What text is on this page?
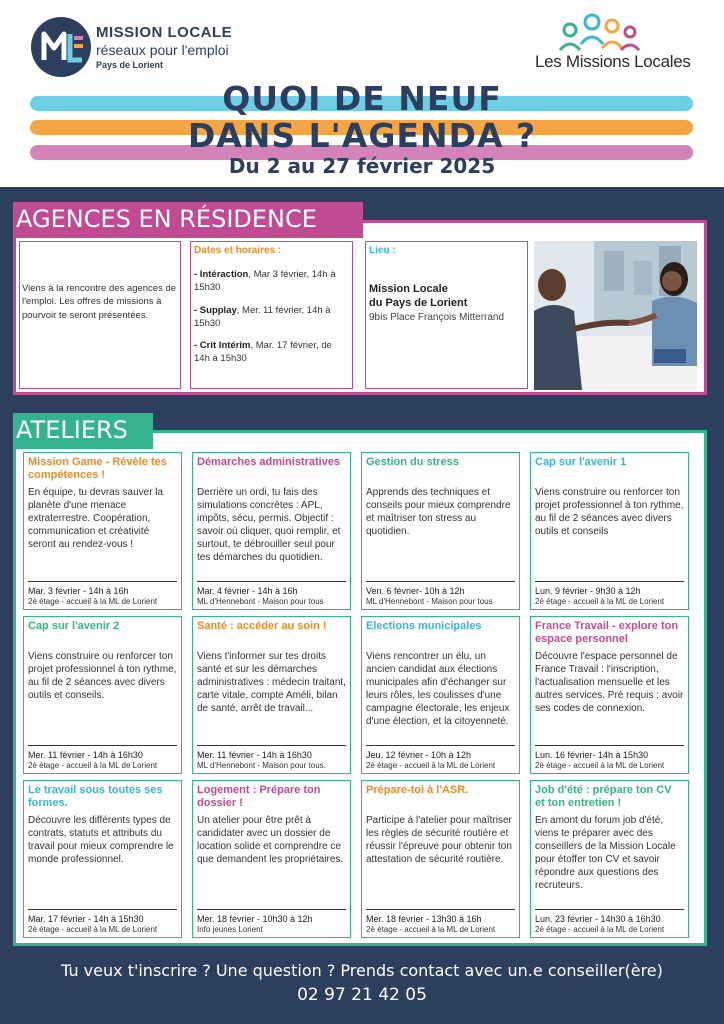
MISSION LOCALE
réseaux pour l'emploi
Pays de Lorient	Les Missions Locales
QUOI DE NEUF
DANS L'AGENDA ?
Du 2 au 27 février 2025
Viens à la rencontre des agences de l'emploi. Les offres de missions à pourvoir te seront présentées.
Dates et horaires :

- Intéraction, Mar 3 février, 14h à 15h30

- Supplay, Mer. 11 février, 14h à 15h30

- Crit Intérim, Mar. 17 février, de 14h à 15h30

Lieu :
Mission Locale
du Pays de Lorient
9bis Place François Mitterrand
AGENCES EN RÉSIDENCE
Mission Game - Révèle tes compétences !
En équipe, tu devras sauver la planète d'une menace extraterrestre. Coopération, communication et créativité seront au rendez-vous !
Mar. 3 février - 14h à 16h
2è étage - accueil à la ML de Lorient
Démarches administratives
Derrière un ordi, tu fais des simulations concrètes : APL, impôts, sécu, permis. Objectif : savoir où cliquer, quoi remplir, et surtout, te débrouiller seul pour tes démarches du quotidien.
Mar. 4 février - 14h à 16h
ML d'Hennebont - Maison pour tous
Gestion du stress
Apprends des techniques et conseils pour mieux comprendre et maîtriser ton stress au quotidien.
Ven. 6 février- 10h à 12h
ML d'Hennebont - Maison pour tous
Cap sur l'avenir 1
Viens construire ou renforcer ton projet professionnel à ton rythme, au fil de 2 séances avec divers outils et conseils
Lun. 9 février - 9h30 à 12h
2è étage - accueil à la ML de Lorient
Cap sur l'avenir 2
Viens construire ou renforcer ton projet professionnel à ton rythme, au fil de 2 séances avec divers outils et conseils.
Mer. 11 février - 14h à 16h30
2è étage - accueil à la ML de Lorient
Santé : accéder au soin !
Viens t'informer sur tes droits santé et sur les démarches administratives : médecin traitant, carte vitale, compte Améli, bilan de santé, arrêt de travail...
Mer. 11 février - 14h à 16h30
ML d'Hennebont - Maison pour tous.
Elections municipales
Viens rencontrer un élu, un ancien candidat aux élections municipales afin d'échanger sur leurs rôles, les coulisses d'une campagne électorale, les enjeux d'une élection, et la citoyenneté.
Jeu. 12 février - 10h à 12h
2è étage - accueil à la ML de Lorient
France Travail - explore ton espace personnel
Découvre l'espace personnel de France Travail : l'inscription, l'actualisation mensuelle et les autres services. Pré requis : avoir ses codes de connexion.
Lun. 16 février- 14h à 15h30
2è étage - accueil à la ML de Lorient
Le travail sous toutes ses formes.
Découvre les différents types de contrats, statuts et attributs du travail pour mieux comprendre le monde professionnel.
Mar. 17 février - 14h à 15h30
2è étage - accueil à la ML de Lorient
Logement : Prépare ton dossier !
Un atelier pour être prêt à candidater avec un dossier de location solide et comprendre ce que demandent les propriétaires.
Mer. 18 février - 10h30 à 12h
Info jeunes Lorient
Prépare-toi à l'ASR.
Participe à l'atelier pour maîtriser les règles de sécurité routière et réussir l'épreuve pour obtenir ton attestation de sécurité routière.
Mer. 18 février - 13h30 à 16h
2è étage - accueil à la ML de Lorient
Job d'été : prépare ton CV et ton entretien !
En amont du forum job d'été, viens te préparer avec des conseillers de la Mission Locale pour étoffer ton CV et savoir répondre aux questions des recruteurs.
Lun. 23 février - 14h30 à 16h30
2è étage - accueil à la ML de Lorient
ATELIERS
Tu veux t'inscrire ? Une question ? Prends contact avec un.e conseiller(ère)
02 97 21 42 05
